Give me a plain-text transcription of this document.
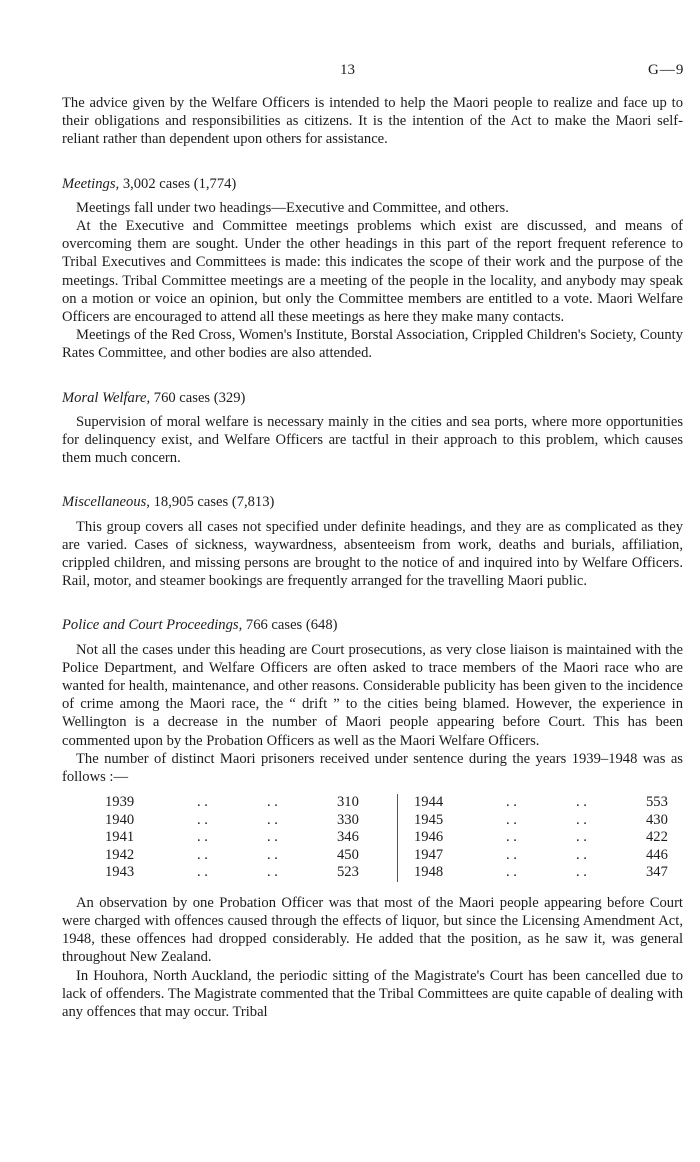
13	G—9

The advice given by the Welfare Officers is intended to help the Maori people to realize and face up to their obligations and responsibilities as citizens. It is the intention of the Act to make the Maori self-reliant rather than dependent upon others for assistance.

Meetings, 3,002 cases (1,774)

Meetings fall under two headings—Executive and Committee, and others.

At the Executive and Committee meetings problems which exist are discussed, and means of overcoming them are sought. Under the other headings in this part of the report frequent reference to Tribal Executives and Committees is made: this indicates the scope of their work and the purpose of the meetings. Tribal Committee meetings are a meeting of the people in the locality, and anybody may speak on a motion or voice an opinion, but only the Committee members are entitled to a vote. Maori Welfare Officers are encouraged to attend all these meetings as here they make many contacts.

Meetings of the Red Cross, Women's Institute, Borstal Association, Crippled Children's Society, County Rates Committee, and other bodies are also attended.

Moral Welfare, 760 cases (329)

Supervision of moral welfare is necessary mainly in the cities and sea ports, where more opportunities for delinquency exist, and Welfare Officers are tactful in their approach to this problem, which causes them much concern.

Miscellaneous, 18,905 cases (7,813)

This group covers all cases not specified under definite headings, and they are as complicated as they are varied. Cases of sickness, waywardness, absenteeism from work, deaths and burials, affiliation, crippled children, and missing persons are brought to the notice of and inquired into by Welfare Officers. Rail, motor, and steamer bookings are frequently arranged for the travelling Maori public.

Police and Court Proceedings, 766 cases (648)

Not all the cases under this heading are Court prosecutions, as very close liaison is maintained with the Police Department, and Welfare Officers are often asked to trace members of the Maori race who are wanted for health, maintenance, and other reasons. Considerable publicity has been given to the incidence of crime among the Maori race, the “ drift ” to the cities being blamed. However, the experience in Wellington is a decrease in the number of Maori people appearing before Court. This has been commented upon by the Probation Officers as well as the Maori Welfare Officers.

The number of distinct Maori prisoners received under sentence during the years 1939–1948 was as follows :—

1939	. .	. .	310
1940	. .	. .	330
1941	. .	. .	346
1942	. .	. .	450
1943	. .	. .	523
1944	. .	. .	553
1945	. .	. .	430
1946	. .	. .	422
1947	. .	. .	446
1948	. .	. .	347

An observation by one Probation Officer was that most of the Maori people appearing before Court were charged with offences caused through the effects of liquor, but since the Licensing Amendment Act, 1948, these offences had dropped considerably. He added that the position, as he saw it, was general throughout New Zealand.

In Houhora, North Auckland, the periodic sitting of the Magistrate's Court has been cancelled due to lack of offenders. The Magistrate commented that the Tribal Committees are quite capable of dealing with any offences that may occur. Tribal
